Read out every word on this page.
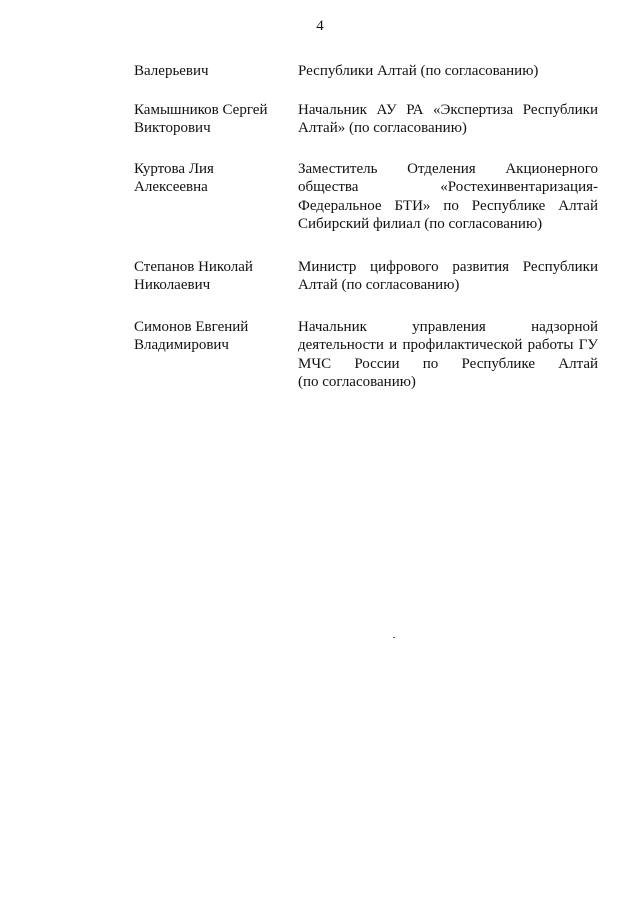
4
Валерьевич	Республики Алтай (по согласованию)
Камышников Сергей
Викторович
Начальник АУ РА «Экспертиза Республики
Алтай» (по согласованию)
Куртова Лия
Алексеевна
Заместитель Отделения Акционерного
общества «Ростехинвентаризация-
Федеральное БТИ» по Республике Алтай
Сибирский филиал (по согласованию)
Степанов Николай
Николаевич
Министр цифрового развития Республики
Алтай (по согласованию)
Симонов Евгений
Владимирович
Начальник управления надзорной
деятельности и профилактической работы ГУ
МЧС России по Республике Алтай
(по согласованию)
